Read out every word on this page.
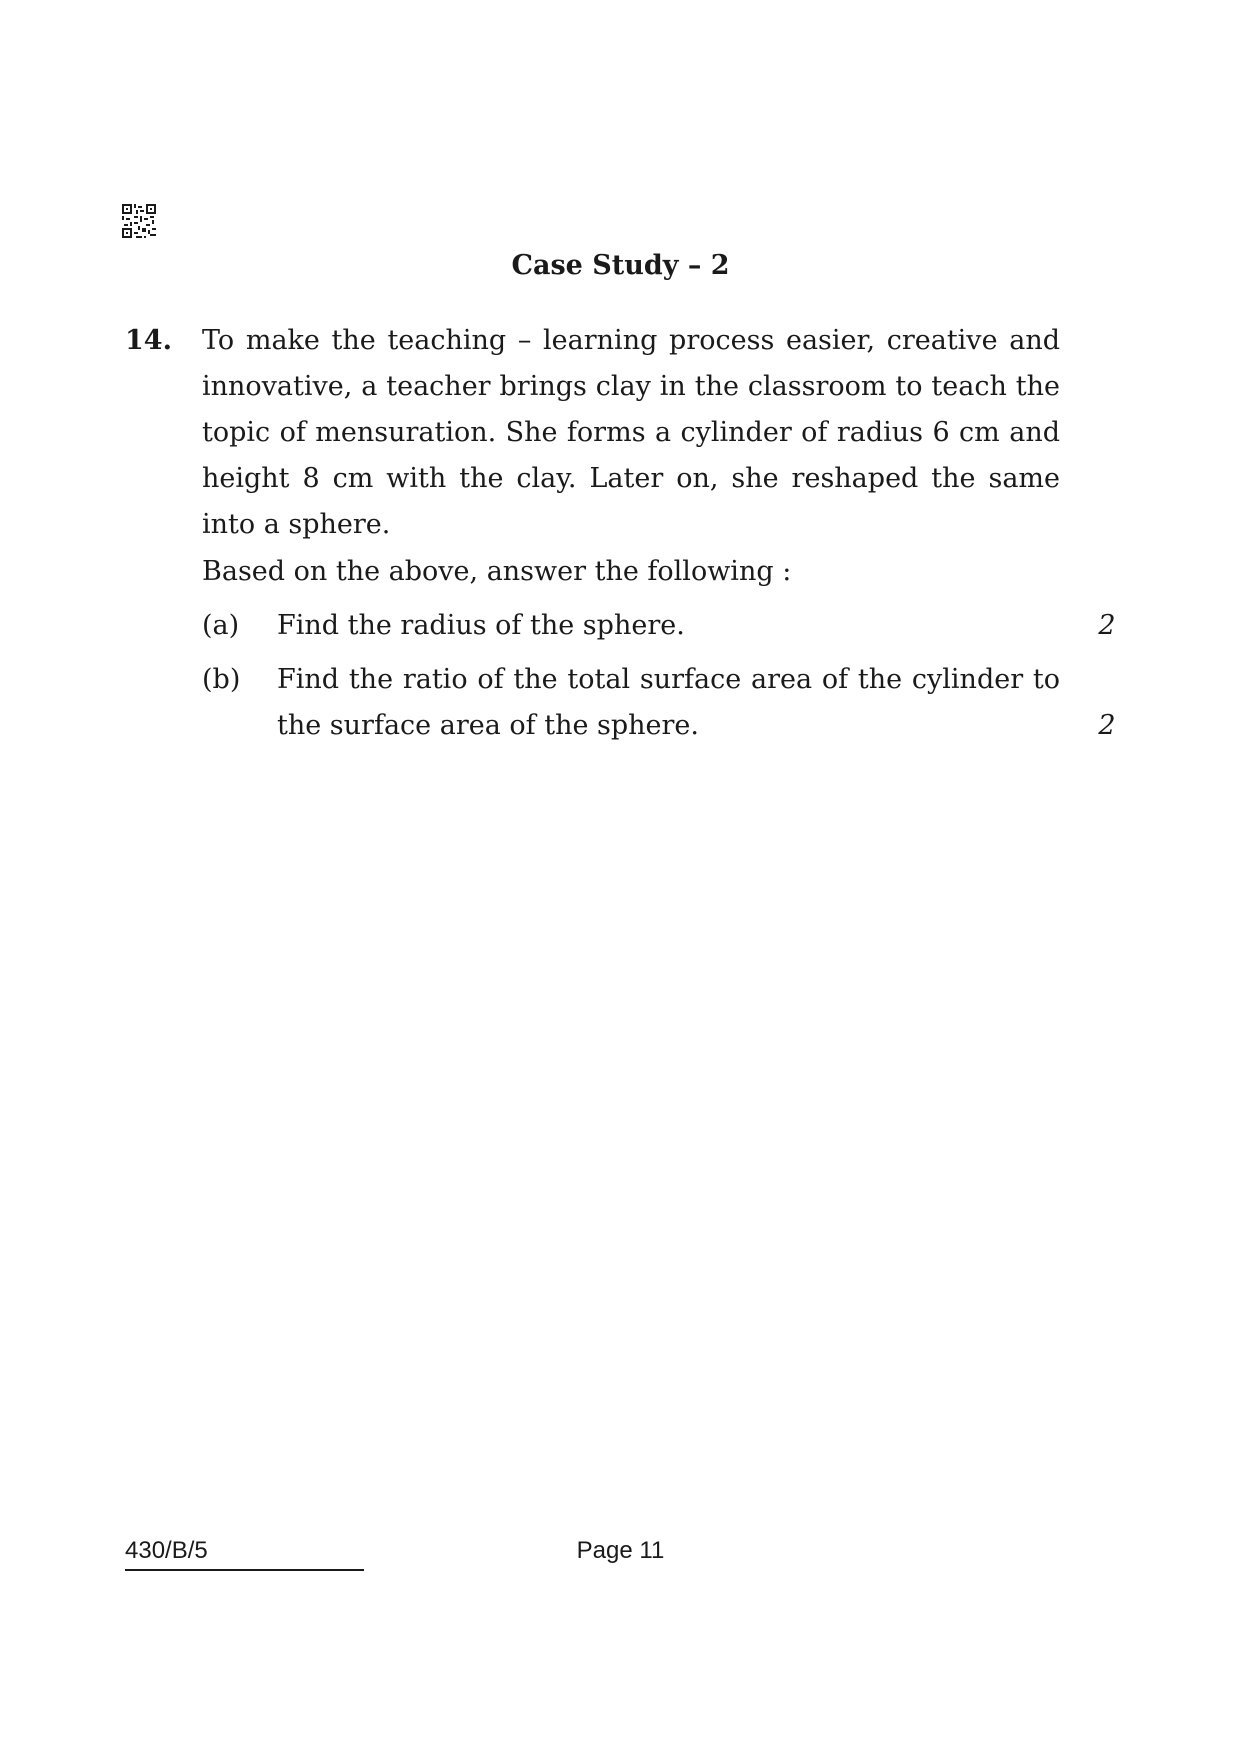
Case Study – 2
14. To make the teaching – learning process easier, creative and innovative, a teacher brings clay in the classroom to teach the topic of mensuration. She forms a cylinder of radius 6 cm and height 8 cm with the clay. Later on, she reshaped the same into a sphere.
Based on the above, answer the following :
(a) Find the radius of the sphere.	2
(b) Find the ratio of the total surface area of the cylinder to the surface area of the sphere.	2
430/B/5	Page 11
